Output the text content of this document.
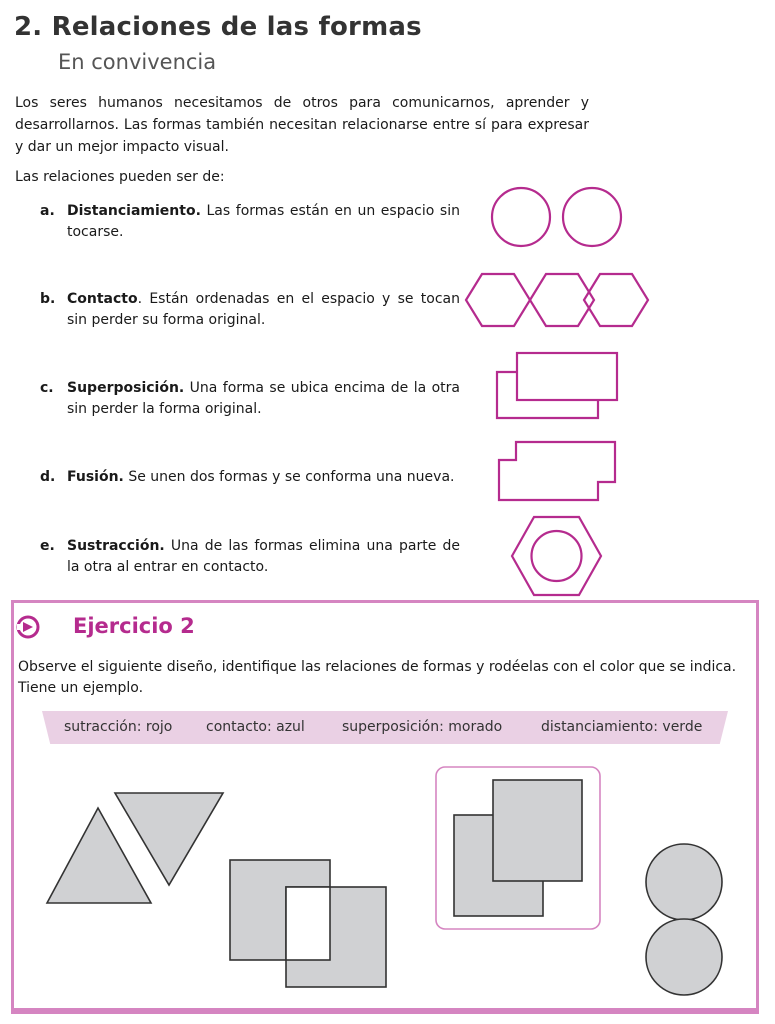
2. Relaciones de las formas
En convivencia
Los seres humanos necesitamos de otros para comunicarnos, aprender y desarrollarnos. Las formas también necesitan relacionarse entre sí para expresar y dar un mejor impacto visual.
Las relaciones pueden ser de:
a. Distanciamiento. Las formas están en un espacio sin tocarse.
b. Contacto. Están ordenadas en el espacio y se tocan sin perder su forma original.
c. Superposición. Una forma se ubica encima de la otra sin perder la forma original.
d. Fusión. Se unen dos formas y se conforma una nueva.
e. Sustracción. Una de las formas elimina una parte de la otra al entrar en contacto.
Ejercicio 2
Observe el siguiente diseño, identifique las relaciones de formas y rodéelas con el color que se indica. Tiene un ejemplo.
sutracción: rojo contacto: azul	superposición: morado	distanciamiento: verde
